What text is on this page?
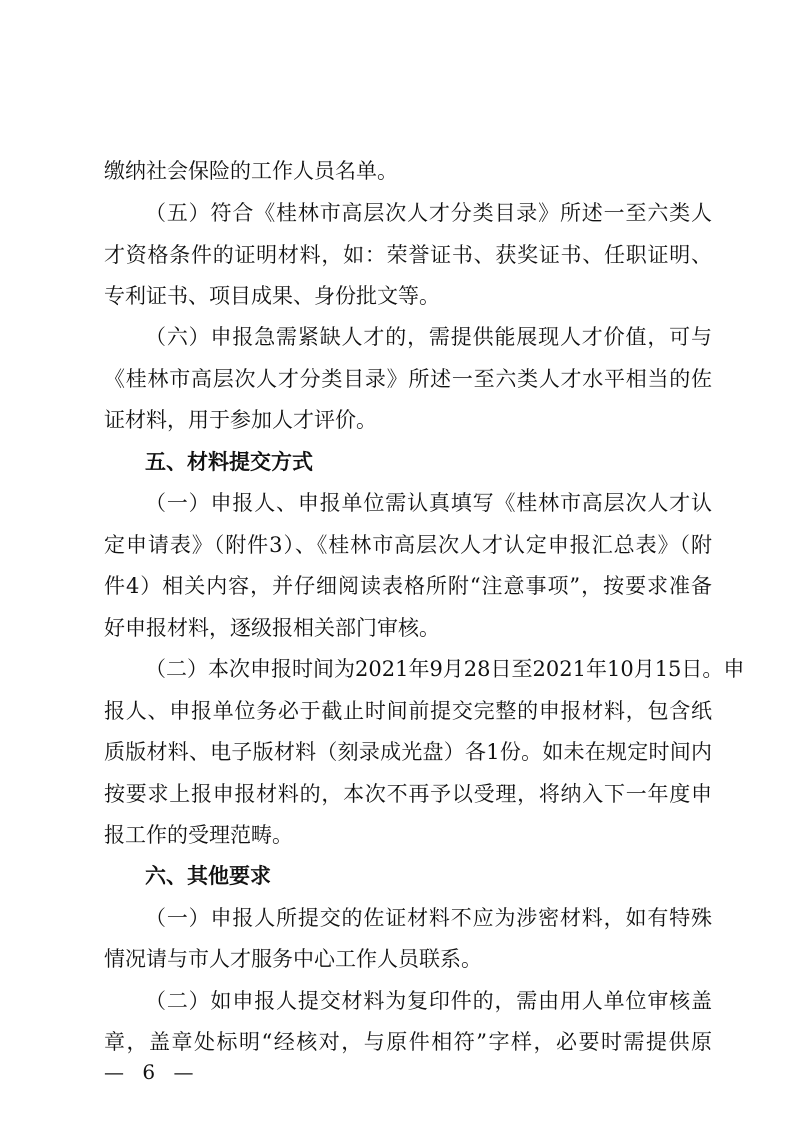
缴纳社会保险的工作人员名单。
（五）符合《桂林市高层次人才分类目录》所述一至六类人
才资格条件的证明材料，如：荣誉证书、获奖证书、任职证明、
专利证书、项目成果、身份批文等。
（六）申报急需紧缺人才的，需提供能展现人才价值，可与
《桂林市高层次人才分类目录》所述一至六类人才水平相当的佐
证材料，用于参加人才评价。
五、材料提交方式
（一）申报人、申报单位需认真填写《桂林市高层次人才认
定申请表》（附件3）、《桂林市高层次人才认定申报汇总表》（附
件4）相关内容，并仔细阅读表格所附“注意事项”，按要求准备
好申报材料，逐级报相关部门审核。
（二）本次申报时间为2021年9月28日至2021年10月15日。申
报人、申报单位务必于截止时间前提交完整的申报材料，包含纸
质版材料、电子版材料（刻录成光盘）各1份。如未在规定时间内
按要求上报申报材料的，本次不再予以受理，将纳入下一年度申
报工作的受理范畴。
六、其他要求
（一）申报人所提交的佐证材料不应为涉密材料，如有特殊
情况请与市人才服务中心工作人员联系。
（二）如申报人提交材料为复印件的，需由用人单位审核盖
章，盖章处标明“经核对，与原件相符”字样，必要时需提供原
— 6 —
